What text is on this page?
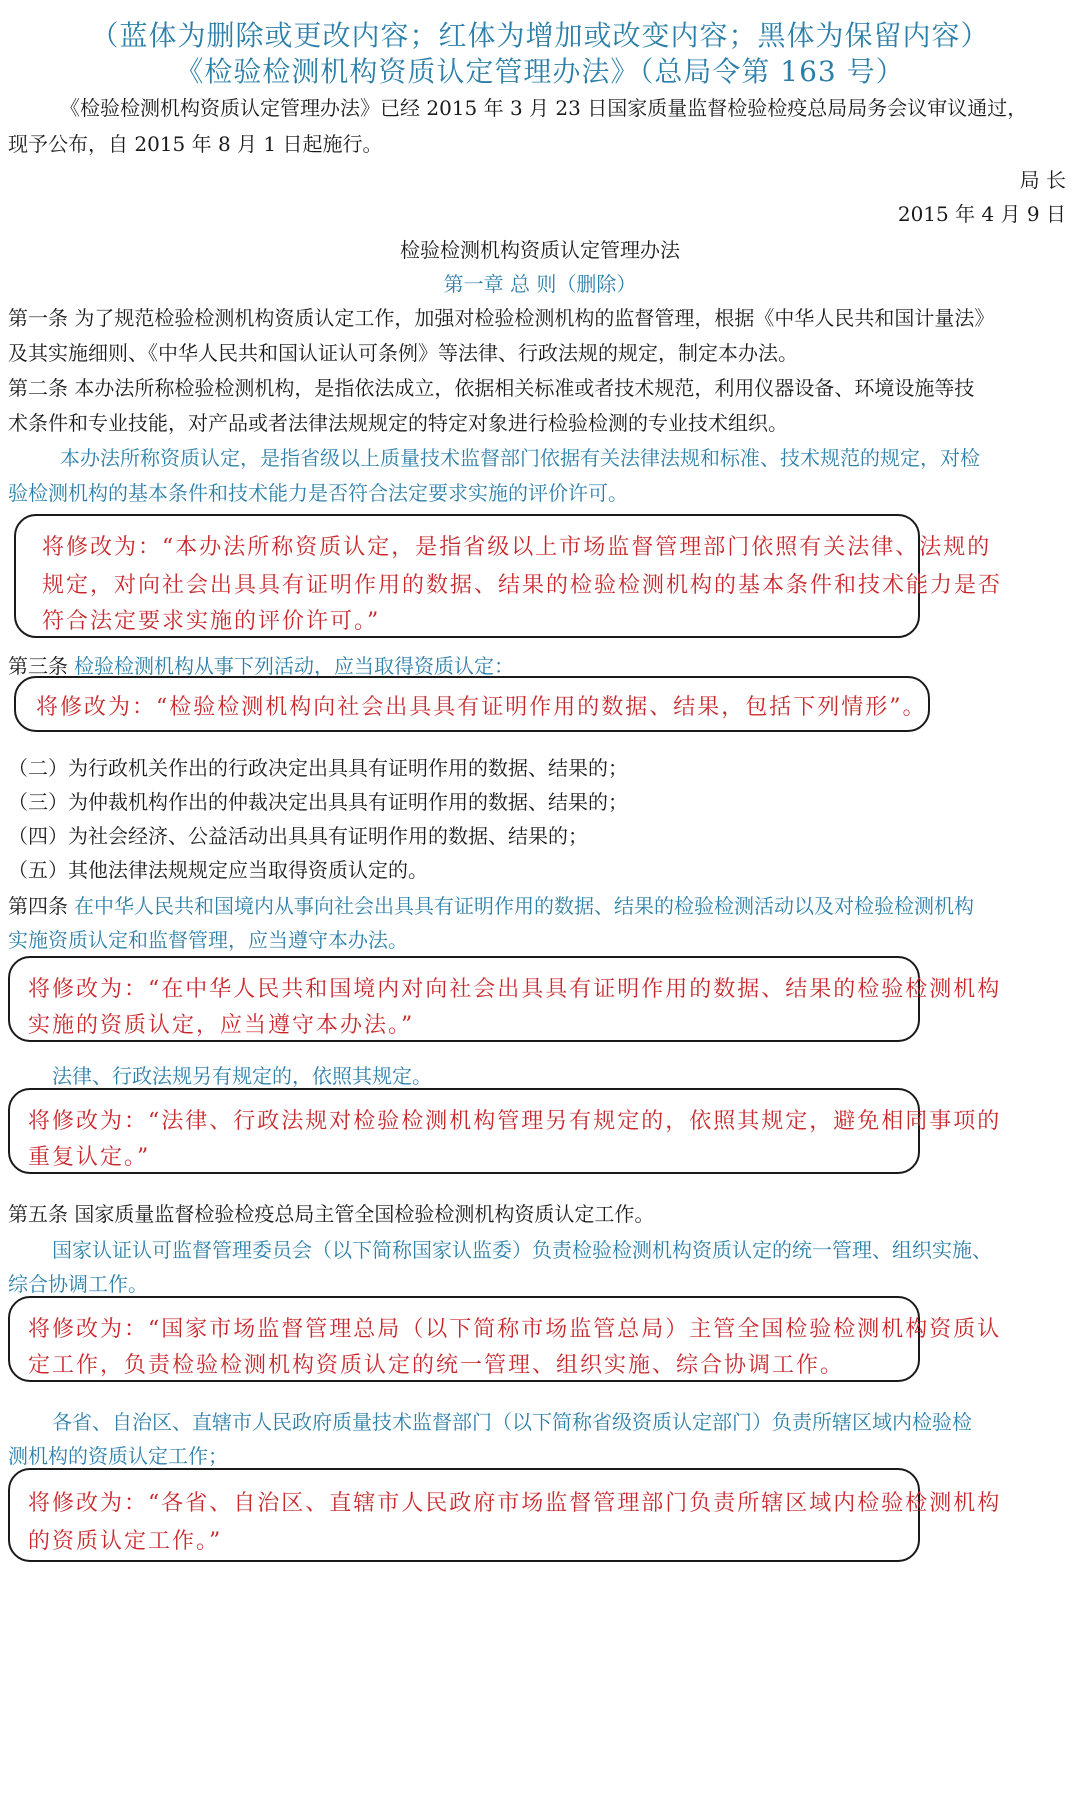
（蓝体为删除或更改内容；红体为增加或改变内容；黑体为保留内容）
《检验检测机构资质认定管理办法》（总局令第 163 号）
《检验检测机构资质认定管理办法》已经 2015 年 3 月 23 日国家质量监督检验检疫总局局务会议审议通过，
现予公布，自 2015 年 8 月 1 日起施行。
局 长
2015 年 4 月 9 日
检验检测机构资质认定管理办法
第一章 总 则（删除）
第一条 为了规范检验检测机构资质认定工作，加强对检验检测机构的监督管理，根据《中华人民共和国计量法》
及其实施细则、《中华人民共和国认证认可条例》等法律、行政法规的规定，制定本办法。
第二条 本办法所称检验检测机构，是指依法成立，依据相关标准或者技术规范，利用仪器设备、环境设施等技
术条件和专业技能，对产品或者法律法规规定的特定对象进行检验检测的专业技术组织。
本办法所称资质认定，是指省级以上质量技术监督部门依据有关法律法规和标准、技术规范的规定，对检
验检测机构的基本条件和技术能力是否符合法定要求实施的评价许可。
将修改为：“本办法所称资质认定，是指省级以上市场监督管理部门依照有关法律、法规的
规定，对向社会出具具有证明作用的数据、结果的检验检测机构的基本条件和技术能力是否
符合法定要求实施的评价许可。”
第三条 检验检测机构从事下列活动，应当取得资质认定：
将修改为：“检验检测机构向社会出具具有证明作用的数据、结果，包括下列情形”。
（二）为行政机关作出的行政决定出具具有证明作用的数据、结果的；
（三）为仲裁机构作出的仲裁决定出具具有证明作用的数据、结果的；
（四）为社会经济、公益活动出具具有证明作用的数据、结果的；
（五）其他法律法规规定应当取得资质认定的。
第四条 在中华人民共和国境内从事向社会出具具有证明作用的数据、结果的检验检测活动以及对检验检测机构
实施资质认定和监督管理，应当遵守本办法。
将修改为：“在中华人民共和国境内对向社会出具具有证明作用的数据、结果的检验检测机构
实施的资质认定，应当遵守本办法。”
法律、行政法规另有规定的，依照其规定。
将修改为：“法律、行政法规对检验检测机构管理另有规定的，依照其规定，避免相同事项的
重复认定。”
第五条 国家质量监督检验检疫总局主管全国检验检测机构资质认定工作。
国家认证认可监督管理委员会（以下简称国家认监委）负责检验检测机构资质认定的统一管理、组织实施、
综合协调工作。
将修改为：“国家市场监督管理总局（以下简称市场监管总局）主管全国检验检测机构资质认
定工作，负责检验检测机构资质认定的统一管理、组织实施、综合协调工作。
各省、自治区、直辖市人民政府质量技术监督部门（以下简称省级资质认定部门）负责所辖区域内检验检
测机构的资质认定工作；
将修改为：“各省、自治区、直辖市人民政府市场监督管理部门负责所辖区域内检验检测机构
的资质认定工作。”
